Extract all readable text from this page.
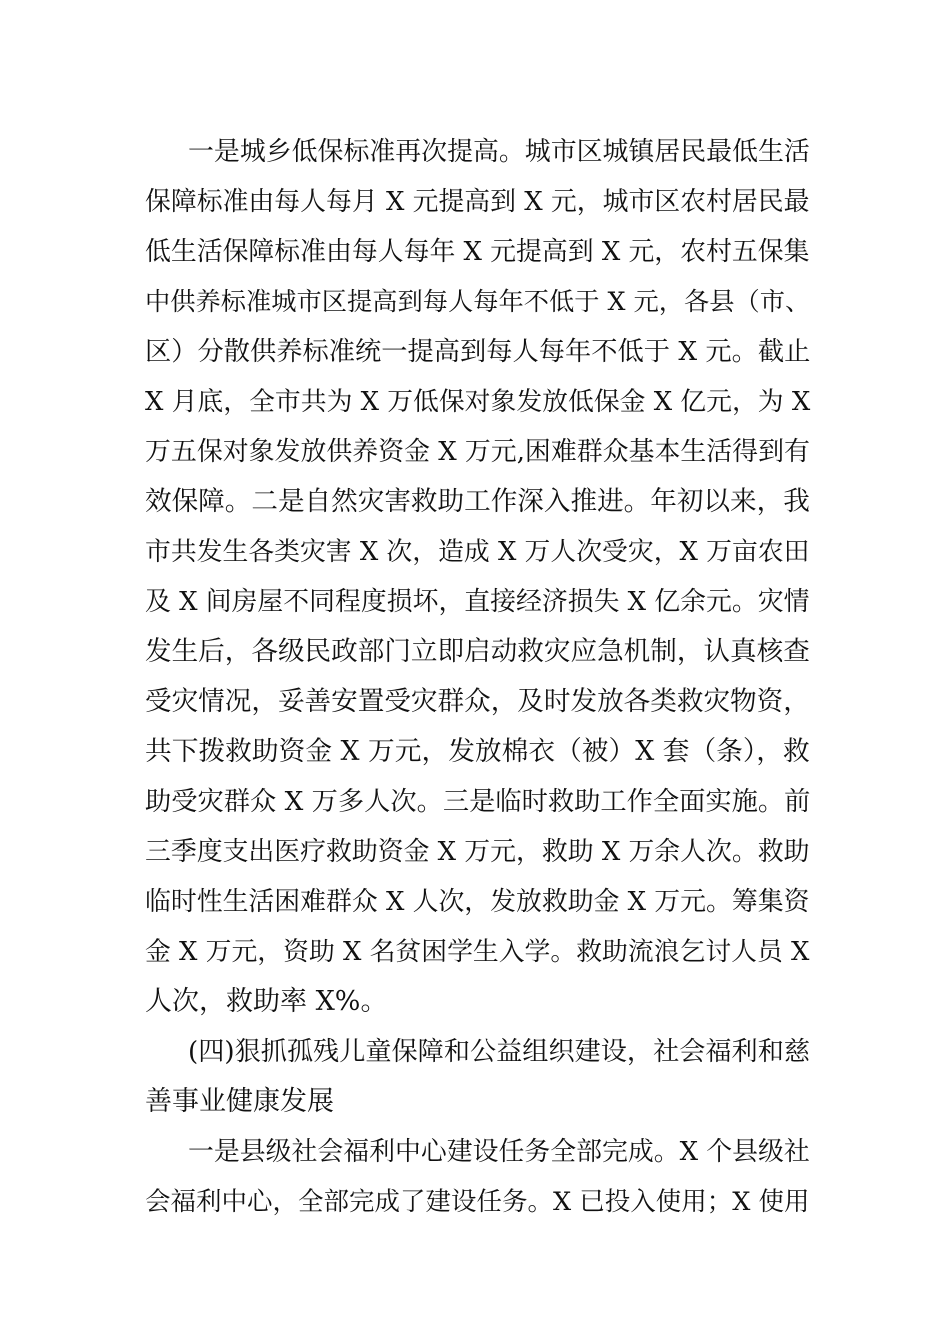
一是城乡低保标准再次提高。城市区城镇居民最低生活
保障标准由每人每月 X 元提高到 X 元，城市区农村居民最
低生活保障标准由每人每年 X 元提高到 X 元，农村五保集
中供养标准城市区提高到每人每年不低于 X 元，各县（市、
区）分散供养标准统一提高到每人每年不低于 X 元。截止
X 月底，全市共为 X 万低保对象发放低保金 X 亿元，为 X
万五保对象发放供养资金 X 万元,困难群众基本生活得到有
效保障。二是自然灾害救助工作深入推进。年初以来，我
市共发生各类灾害 X 次，造成 X 万人次受灾，X 万亩农田
及 X 间房屋不同程度损坏，直接经济损失 X 亿余元。灾情
发生后，各级民政部门立即启动救灾应急机制，认真核查
受灾情况，妥善安置受灾群众，及时发放各类救灾物资，
共下拨救助资金 X 万元，发放棉衣（被）X 套（条），救
助受灾群众 X 万多人次。三是临时救助工作全面实施。前
三季度支出医疗救助资金 X 万元，救助 X 万余人次。救助
临时性生活困难群众 X 人次，发放救助金 X 万元。筹集资
金 X 万元，资助 X 名贫困学生入学。救助流浪乞讨人员 X
人次，救助率 X%。
(四)狠抓孤残儿童保障和公益组织建设，社会福利和慈
善事业健康发展
一是县级社会福利中心建设任务全部完成。X 个县级社
会福利中心，全部完成了建设任务。X 已投入使用；X 使用
